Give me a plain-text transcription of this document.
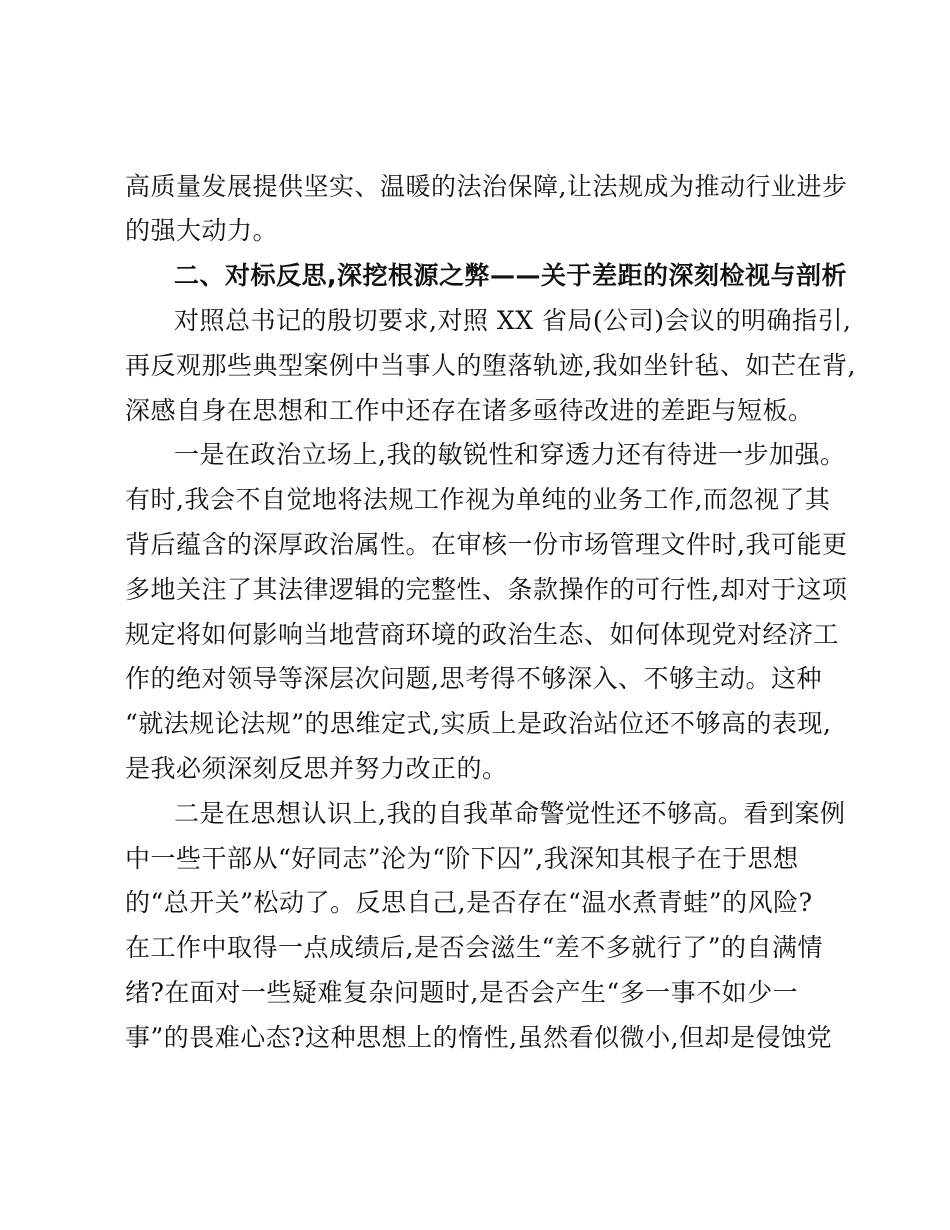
高质量发展提供坚实、温暖的法治保障,让法规成为推动行业进步
的强大动力。
二、对标反思,深挖根源之弊——关于差距的深刻检视与剖析
对照总书记的殷切要求,对照 XX 省局(公司)会议的明确指引,
再反观那些典型案例中当事人的堕落轨迹,我如坐针毡、如芒在背,
深感自身在思想和工作中还存在诸多亟待改进的差距与短板。
一是在政治立场上,我的敏锐性和穿透力还有待进一步加强。
有时,我会不自觉地将法规工作视为单纯的业务工作,而忽视了其
背后蕴含的深厚政治属性。在审核一份市场管理文件时,我可能更
多地关注了其法律逻辑的完整性、条款操作的可行性,却对于这项
规定将如何影响当地营商环境的政治生态、如何体现党对经济工
作的绝对领导等深层次问题,思考得不够深入、不够主动。这种
“就法规论法规”的思维定式,实质上是政治站位还不够高的表现,
是我必须深刻反思并努力改正的。
二是在思想认识上,我的自我革命警觉性还不够高。看到案例
中一些干部从“好同志”沦为“阶下囚”,我深知其根子在于思想
的“总开关”松动了。反思自己,是否存在“温水煮青蛙”的风险?
在工作中取得一点成绩后,是否会滋生“差不多就行了”的自满情
绪?在面对一些疑难复杂问题时,是否会产生“多一事不如少一
事”的畏难心态?这种思想上的惰性,虽然看似微小,但却是侵蚀党
